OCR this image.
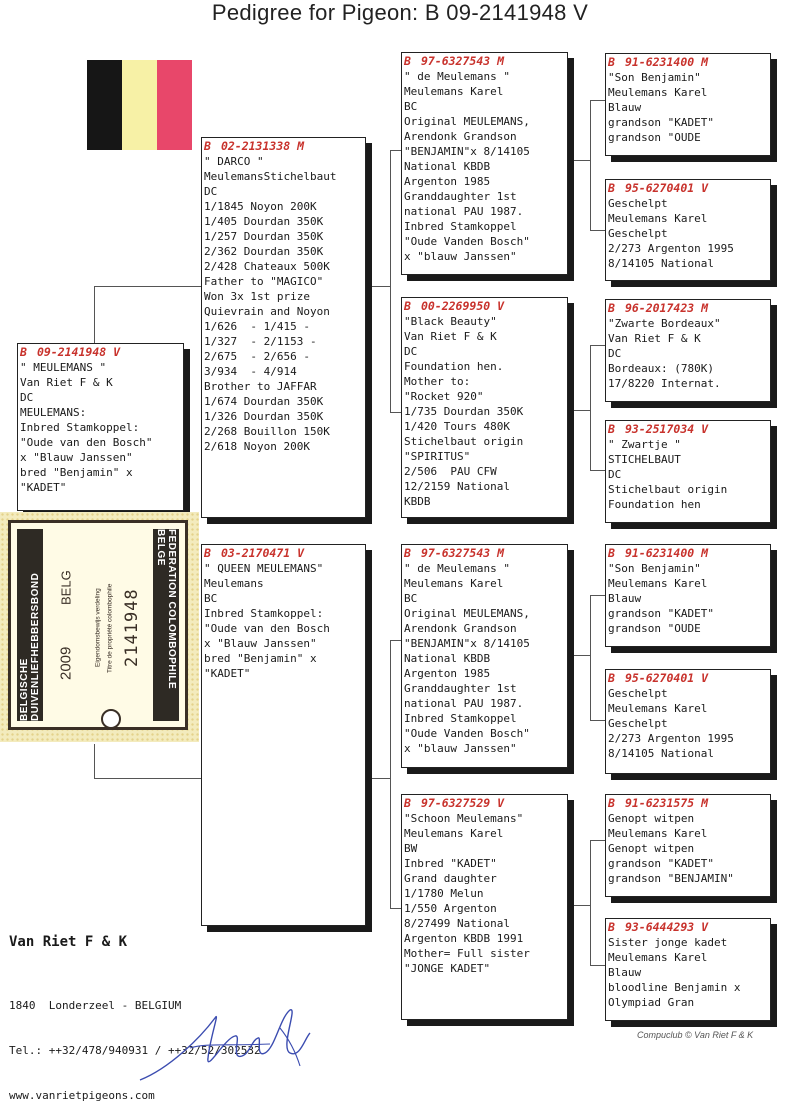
Pedigree for Pigeon: B 09-2141948 V
B 09-2141948 V
" MEULEMANS "
Van Riet F & K
DC
MEULEMANS:
Inbred Stamkoppel:
"Oude van den Bosch"
x "Blauw Janssen"
bred "Benjamin" x
"KADET"
B 02-2131338 M
" DARCO "
MeulemansStichelbaut
DC
1/1845 Noyon 200K
1/405 Dourdan 350K
1/257 Dourdan 350K
2/362 Dourdan 350K
2/428 Chateaux 500K
Father to "MAGICO"
Won 3x 1st prize
Quievrain and Noyon
1/626  - 1/415 -
1/327  - 2/1153 -
2/675  - 2/656 -
3/934  - 4/914
Brother to JAFFAR
1/674 Dourdan 350K
1/326 Dourdan 350K
2/268 Bouillon 150K
2/618 Noyon 200K
B 03-2170471 V
" QUEEN MEULEMANS"
Meulemans
BC
Inbred Stamkoppel:
"Oude van den Bosch
x "Blauw Janssen"
bred "Benjamin" x
"KADET"
B 97-6327543 M
" de Meulemans "
Meulemans Karel
BC
Original MEULEMANS,
Arendonk Grandson
"BENJAMIN"x 8/14105
National KBDB
Argenton 1985
Granddaughter 1st
national PAU 1987.
Inbred Stamkoppel
"Oude Vanden Bosch"
x "blauw Janssen"
B 00-2269950 V
"Black Beauty"
Van Riet F & K
DC
Foundation hen.
Mother to:
"Rocket 920"
1/735 Dourdan 350K
1/420 Tours 480K
Stichelbaut origin
"SPIRITUS"
2/506  PAU CFW
12/2159 National
KBDB
B 97-6327543 M
" de Meulemans "
Meulemans Karel
BC
Original MEULEMANS,
Arendonk Grandson
"BENJAMIN"x 8/14105
National KBDB
Argenton 1985
Granddaughter 1st
national PAU 1987.
Inbred Stamkoppel
"Oude Vanden Bosch"
x "blauw Janssen"
B 97-6327529 V
"Schoon Meulemans"
Meulemans Karel
BW
Inbred "KADET"
Grand daughter
1/1780 Melun
1/550 Argenton
8/27499 National
Argenton KBDB 1991
Mother= Full sister
"JONGE KADET"
B 91-6231400 M
"Son Benjamin"
Meulemans Karel
Blauw
grandson "KADET"
grandson "OUDE
B 95-6270401 V
Geschelpt
Meulemans Karel
Geschelpt
2/273 Argenton 1995
8/14105 National
B 96-2017423 M
"Zwarte Bordeaux"
Van Riet F & K
DC
Bordeaux: (780K)
17/8220 Internat.
B 93-2517034 V
" Zwartje "
STICHELBAUT
DC
Stichelbaut origin
Foundation hen
B 91-6231400 M
"Son Benjamin"
Meulemans Karel
Blauw
grandson "KADET"
grandson "OUDE
B 95-6270401 V
Geschelpt
Meulemans Karel
Geschelpt
2/273 Argenton 1995
8/14105 National
B 91-6231575 M
Genopt witpen
Meulemans Karel
Genopt witpen
grandson "KADET"
grandson "BENJAMIN"
B 93-6444293 V
Sister jonge kadet
Meulemans Karel
Blauw
bloodline Benjamin x
Olympiad Gran
BELGISCHE DUIVENLIEFHEBBERSBOND	FEDERATION COLOMBOPHILE BELGE
2009
BELG
Eigendomsbewijs verdeling Titre de propriété colombophile 2141948
Van Riet F & K

1840  Londerzeel - BELGIUM

Tel.: ++32/478/940931 / ++32/52/302532

www.vanrietpigeons.com

Compuclub © Van Riet F & K
